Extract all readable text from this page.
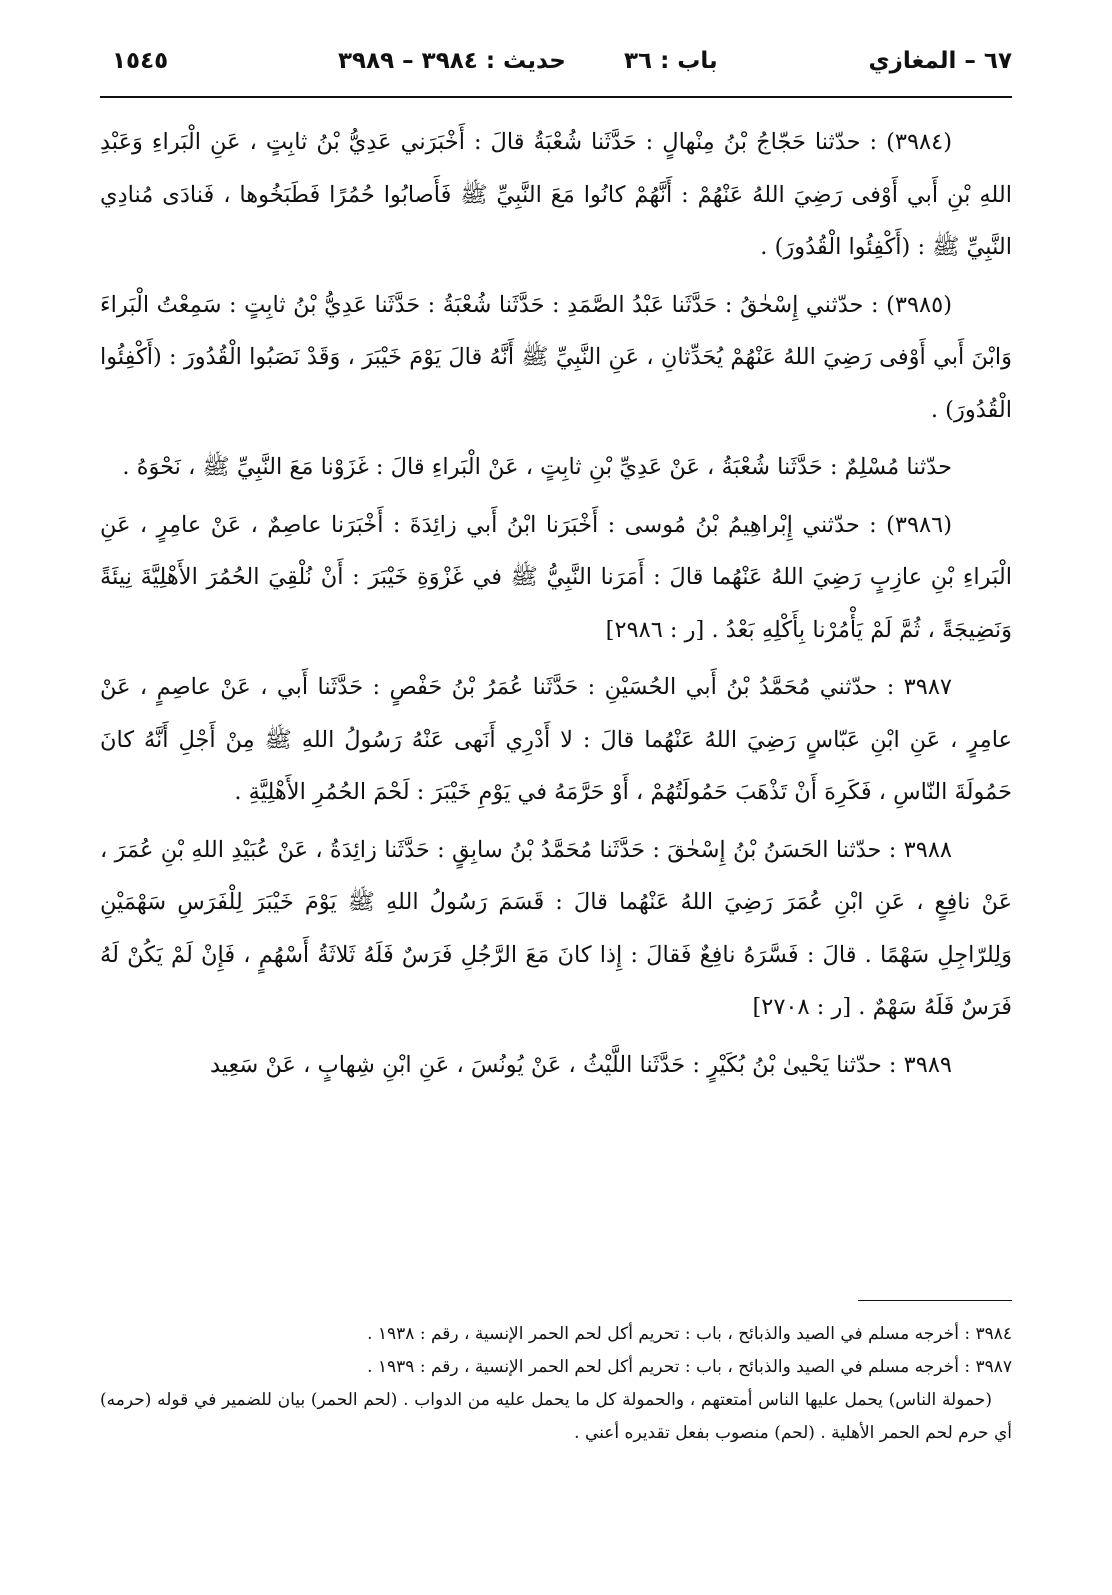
٦٧ – المغازي
باب : ٣٦
حديث : ٣٩٨٤ – ٣٩٨٩
١٥٤٥

(٣٩٨٤) : حدّثنا حَجّاجُ بْنُ مِنْهالٍ : حَدَّثَنا شُعْبَةُ قالَ : أَخْبَرَني عَدِيُّ بْنُ ثابِتٍ ، عَنِ الْبَراءِ وَعَبْدِ اللهِ بْنِ أَبي أَوْفى رَضِيَ اللهُ عَنْهُمْ : أَنَّهُمْ كانُوا مَعَ النَّبِيِّ ﷺ فَأَصابُوا حُمُرًا فَطَبَخُوها ، فَنادَى مُنادِي النَّبِيِّ ﷺ : (أَكْفِئُوا الْقُدُورَ) .

(٣٩٨٥) : حدّثني إِسْحٰقُ : حَدَّثَنا عَبْدُ الصَّمَدِ : حَدَّثَنا شُعْبَةُ : حَدَّثَنا عَدِيُّ بْنُ ثابِتٍ : سَمِعْتُ الْبَراءَ وَابْنَ أَبي أَوْفى رَضِيَ اللهُ عَنْهُمْ يُحَدِّثانِ ، عَنِ النَّبِيِّ ﷺ أَنَّهُ قالَ يَوْمَ خَيْبَرَ ، وَقَدْ نَصَبُوا الْقُدُورَ : (أَكْفِئُوا الْقُدُورَ) .

حدّثنا مُسْلِمٌ : حَدَّثَنا شُعْبَةُ ، عَنْ عَدِيِّ بْنِ ثابِتٍ ، عَنْ الْبَراءِ قالَ : غَزَوْنا مَعَ النَّبِيِّ ﷺ ، نَحْوَهُ .

(٣٩٨٦) : حدّثني إِبْراهِيمُ بْنُ مُوسى : أَخْبَرَنا ابْنُ أَبي زائِدَةَ : أَخْبَرَنا عاصِمٌ ، عَنْ عامِرٍ ، عَنِ الْبَراءِ بْنِ عازِبٍ رَضِيَ اللهُ عَنْهُما قالَ : أَمَرَنا النَّبِيُّ ﷺ في غَزْوَةِ خَيْبَرَ : أَنْ نُلْقِيَ الحُمُرَ الأَهْلِيَّةَ نِيئَةً وَنَضِيجَةً ، ثُمَّ لَمْ يَأْمُرْنا بِأَكْلِهِ بَعْدُ . [ر : ٢٩٨٦]

٣٩٨٧ : حدّثني مُحَمَّدُ بْنُ أَبي الحُسَيْنِ : حَدَّثَنا عُمَرُ بْنُ حَفْصٍ : حَدَّثَنا أَبي ، عَنْ عاصِمٍ ، عَنْ عامِرٍ ، عَنِ ابْنِ عَبّاسٍ رَضِيَ اللهُ عَنْهُما قالَ : لا أَدْرِي أَنَهى عَنْهُ رَسُولُ اللهِ ﷺ مِنْ أَجْلِ أَنَّهُ كانَ حَمُولَةَ النّاسِ ، فَكَرِهَ أَنْ تَذْهَبَ حَمُولَتُهُمْ ، أَوْ حَرَّمَهُ في يَوْمِ خَيْبَرَ : لَحْمَ الحُمُرِ الأَهْلِيَّةِ .

٣٩٨٨ : حدّثنا الحَسَنُ بْنُ إِسْحٰقَ : حَدَّثَنا مُحَمَّدُ بْنُ سابِقٍ : حَدَّثَنا زائِدَةُ ، عَنْ عُبَيْدِ اللهِ بْنِ عُمَرَ ، عَنْ نافِعٍ ، عَنِ ابْنِ عُمَرَ رَضِيَ اللهُ عَنْهُما قالَ : قَسَمَ رَسُولُ اللهِ ﷺ يَوْمَ خَيْبَرَ لِلْفَرَسِ سَهْمَيْنِ وَلِلرّاجِلِ سَهْمًا . قالَ : فَسَّرَهُ نافِعٌ فَقالَ : إِذا كانَ مَعَ الرَّجُلِ فَرَسٌ فَلَهُ ثَلاثَةُ أَسْهُمٍ ، فَإِنْ لَمْ يَكُنْ لَهُ فَرَسٌ فَلَهُ سَهْمٌ . [ر : ٢٧٠٨]

٣٩٨٩ : حدّثنا يَحْيىٰ بْنُ بُكَيْرٍ : حَدَّثَنا اللَّيْثُ ، عَنْ يُونُسَ ، عَنِ ابْنِ شِهابٍ ، عَنْ سَعِيد

٣٩٨٤ : أخرجه مسلم في الصيد والذبائح ، باب : تحريم أكل لحم الحمر الإنسية ، رقم : ١٩٣٨ .

٣٩٨٧ : أخرجه مسلم في الصيد والذبائح ، باب : تحريم أكل لحم الحمر الإنسية ، رقم : ١٩٣٩ .

(حمولة الناس) يحمل عليها الناس أمتعتهم ، والحمولة كل ما يحمل عليه من الدواب . (لحم الحمر) بيان للضمير في قوله (حرمه) أي حرم لحم الحمر الأهلية . (لحم) منصوب بفعل تقديره أعني .
